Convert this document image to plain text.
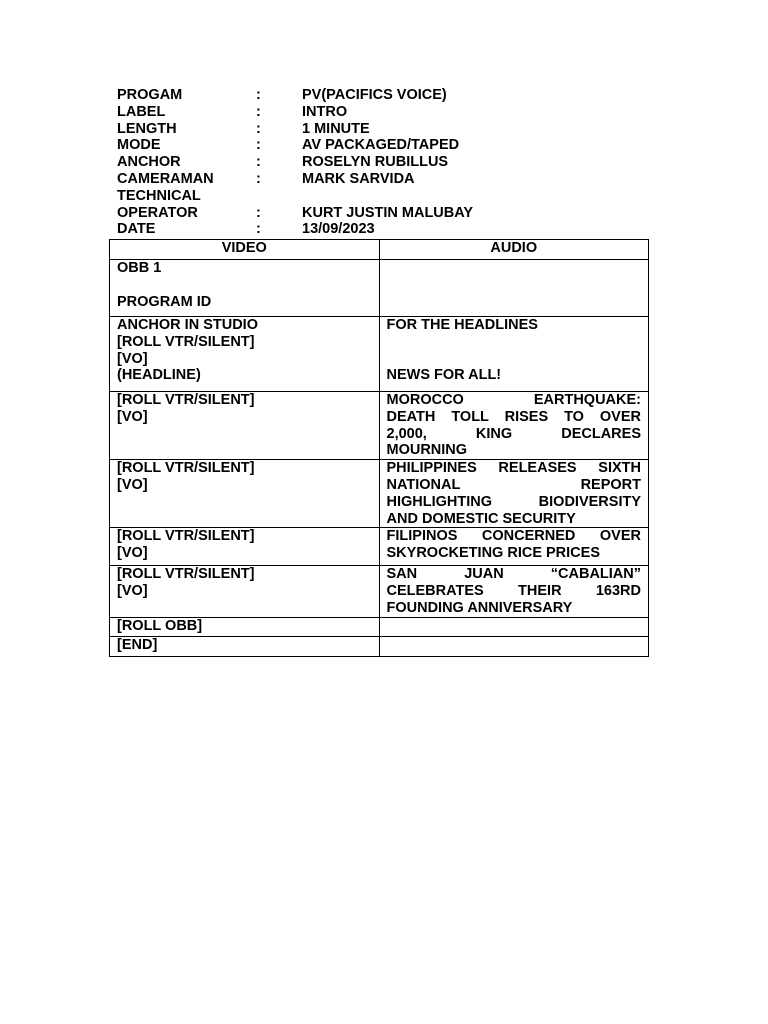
PROGAM	:	PV(PACIFICS VOICE)
LABEL	:	INTRO
LENGTH	:	1 MINUTE
MODE	:	AV PACKAGED/TAPED
ANCHOR	:	ROSELYN RUBILLUS
CAMERAMAN	:	MARK SARVIDA
TECHNICAL
OPERATOR	:	KURT JUSTIN MALUBAY
DATE	:	13/09/2023
VIDEO	AUDIO

OBB 1
PROGRAM ID	

ANCHOR IN STUDIO
[ROLL VTR/SILENT]
[VO]
(HEADLINE)	FOR THE HEADLINES
NEWS FOR ALL!

[ROLL VTR/SILENT]
[VO]	MOROCCO EARTHQUAKE:
DEATH TOLL RISES TO OVER
2,000, KING DECLARES
MOURNING

[ROLL VTR/SILENT]
[VO]	PHILIPPINES RELEASES SIXTH
NATIONAL REPORT
HIGHLIGHTING BIODIVERSITY
AND DOMESTIC SECURITY

[ROLL VTR/SILENT]
[VO]	FILIPINOS CONCERNED OVER
SKYROCKETING RICE PRICES

[ROLL VTR/SILENT]
[VO]	SAN JUAN “CABALIAN”
CELEBRATES THEIR 163RD
FOUNDING ANNIVERSARY

[ROLL OBB]	

[END]	
